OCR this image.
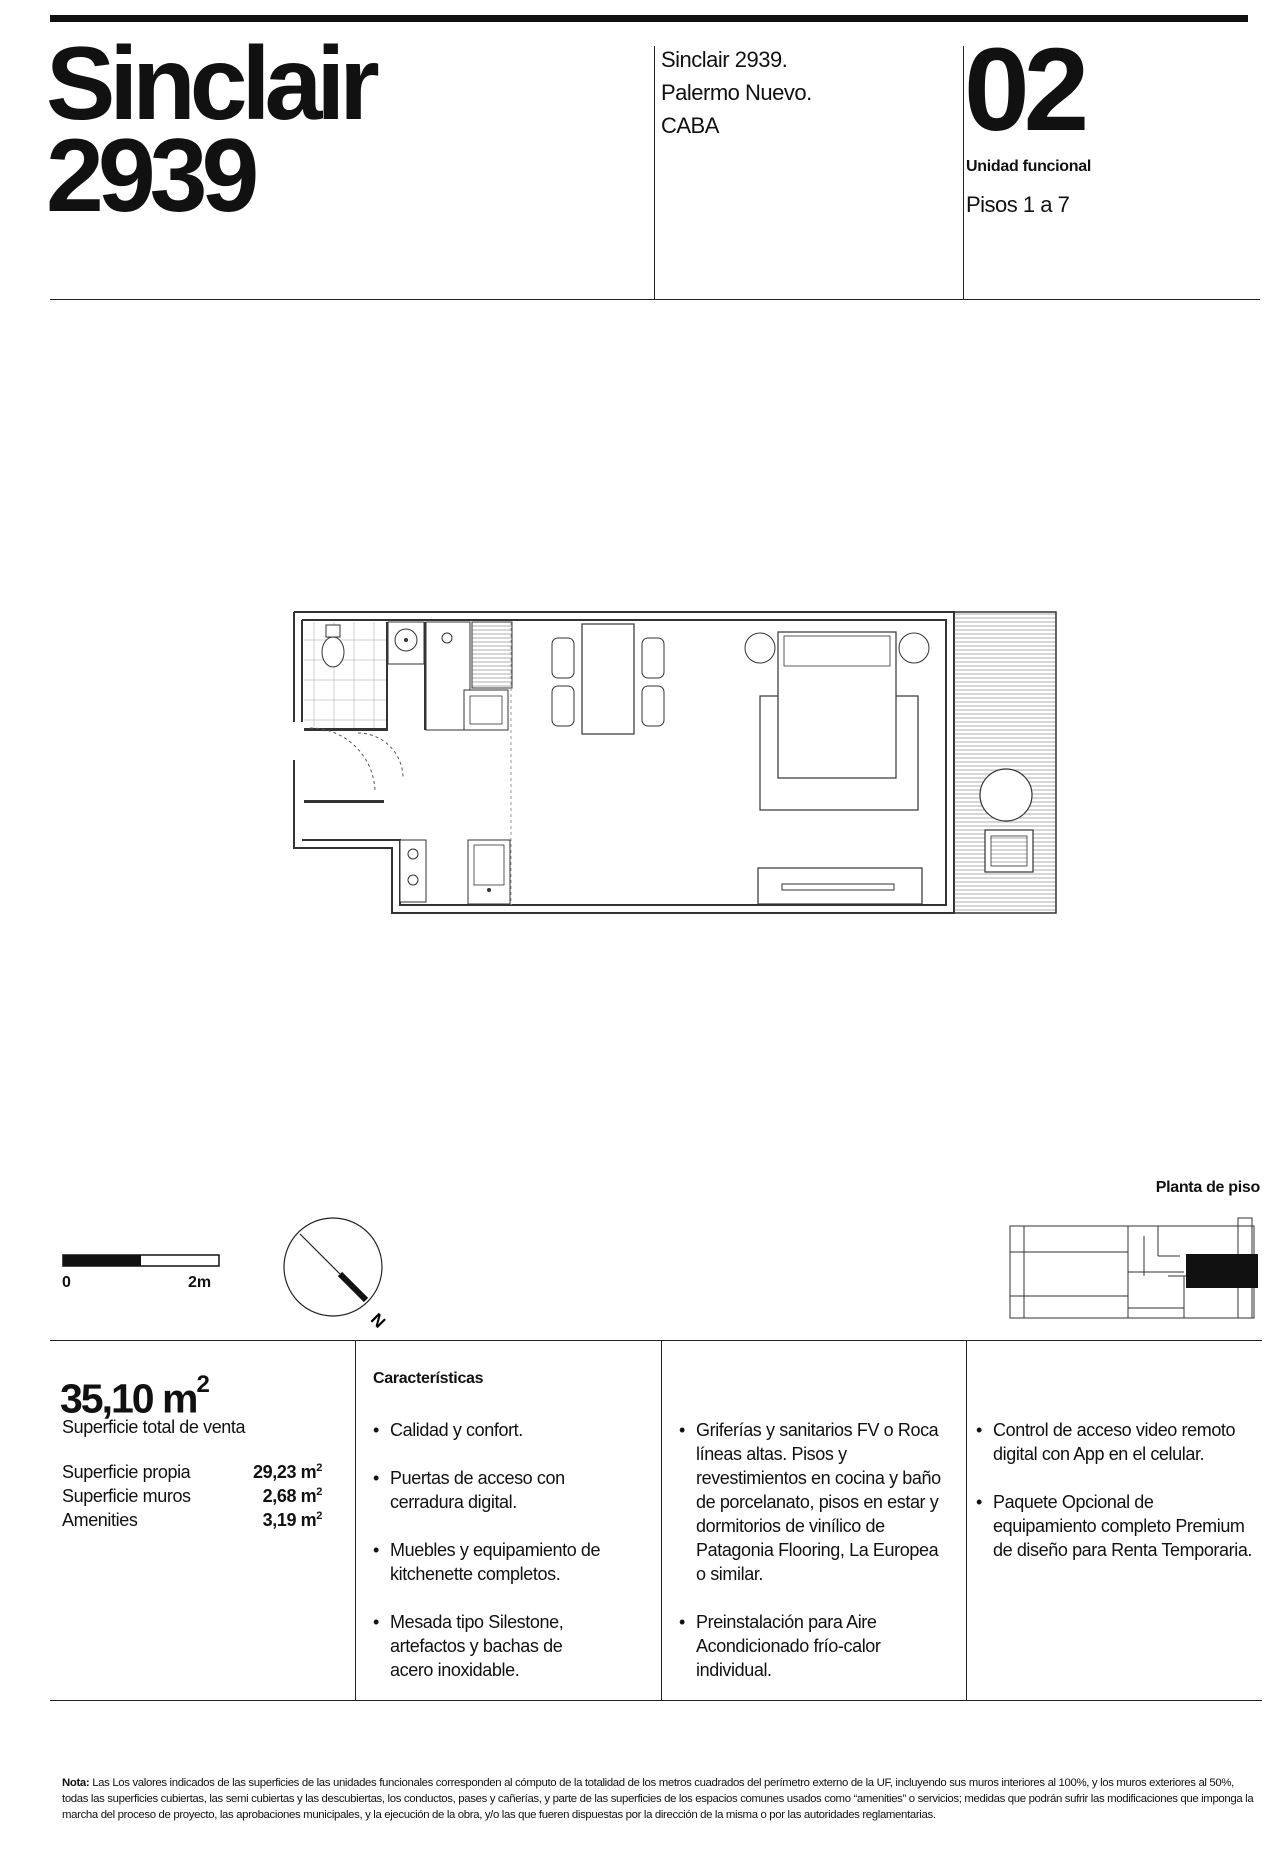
Sinclair
2939
Sinclair 2939.
Palermo Nuevo.
CABA	02
Unidad funcional
Pisos 1 a 7
0	2m
N
Planta de piso
35,10 $m^2$
Superficie total de venta
Superficie propia	29,23 $m^2$
Superficie muros	2,68 $m^2$
Amenities	3,19 $m^2$
Características
• Calidad y confort.
• Puertas de acceso con cerradura digital.
• Muebles y equipamiento de kitchenette completos.
• Mesada tipo Silestone, artefactos y bachas de acero inoxidable.
• Griferías y sanitarios FV o Roca líneas altas. Pisos y revestimientos en cocina y baño de porcelanato, pisos en estar y dormitorios de vinílico de Patagonia Flooring, La Europea o similar.
• Preinstalación para Aire Acondicionado frío-calor individual.
• Control de acceso video remoto digital con App en el celular.
• Paquete Opcional de equipamiento completo Premium de diseño para Renta Temporaria.
Nota: Las Los valores indicados de las superficies de las unidades funcionales corresponden al cómputo de la totalidad de los metros cuadrados del perímetro externo de la UF, incluyendo sus muros interiores al 100%, y los muros exteriores al 50%, todas las superficies cubiertas, las semi cubiertas y las descubiertas, los conductos, pases y cañerías, y parte de las superficies de los espacios comunes usados como “amenities” o servicios; medidas que podrán sufrir las modificaciones que imponga la marcha del proceso de proyecto, las aprobaciones municipales, y la ejecución de la obra, y/o las que fueren dispuestas por la dirección de la misma o por las autoridades reglamentarias.
